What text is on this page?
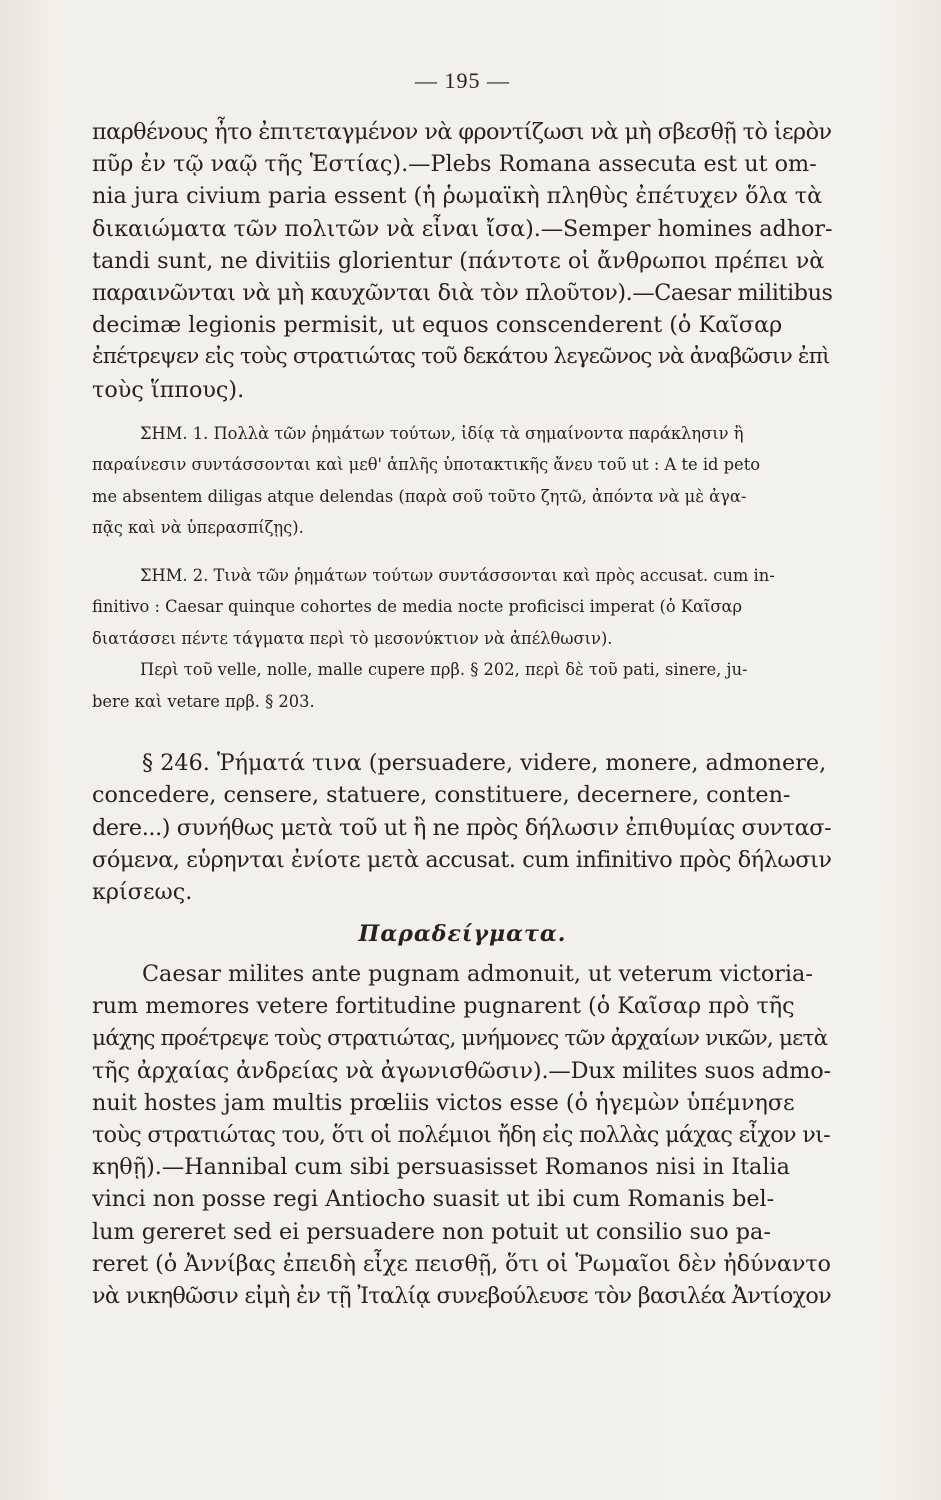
— 195 —
παρθένους ἦτο ἐπιτεταγμένον νὰ φροντίζωσι νὰ μὴ σβεσθῇ τὸ ἱερὸν
πῦρ ἐν τῷ ναῷ τῆς Ἑστίας).—Plebs Romana assecuta est ut om-
nia jura civium paria essent (ἡ ῥωμαϊκὴ πληθὺς ἐπέτυχεν ὅλα τὰ
δικαιώματα τῶν πολιτῶν νὰ εἶναι ἴσα).—Semper homines adhor-
tandi sunt, ne divitiis glorientur (πάντοτε οἱ ἄνθρωποι πρέπει νὰ
παραινῶνται νὰ μὴ καυχῶνται διὰ τὸν πλοῦτον).—Caesar militibus
decimæ legionis permisit, ut equos conscenderent (ὁ Καῖσαρ
ἐπέτρεψεν εἰς τοὺς στρατιώτας τοῦ δεκάτου λεγεῶνος νὰ ἀναβῶσιν ἐπὶ
τοὺς ἵππους).
ΣΗΜ. 1. Πολλὰ τῶν ῥημάτων τούτων, ἰδίᾳ τὰ σημαίνοντα παράκλησιν ἢ
παραίνεσιν συντάσσονται καὶ μεθ' ἁπλῆς ὑποτακτικῆς ἄνευ τοῦ ut : A te id peto
me absentem diligas atque delendas (παρὰ σοῦ τοῦτο ζητῶ, ἀπόντα νὰ μὲ ἀγα-
πᾷς καὶ νὰ ὑπερασπίζῃς).
ΣΗΜ. 2. Τινὰ τῶν ῥημάτων τούτων συντάσσονται καὶ πρὸς accusat. cum in-
finitivo : Caesar quinque cohortes de media nocte proficisci imperat (ὁ Καῖσαρ
διατάσσει πέντε τάγματα περὶ τὸ μεσονύκτιον νὰ ἀπέλθωσιν).
Περὶ τοῦ velle, nolle, malle cupere πρβ. § 202, περὶ δὲ τοῦ pati, sinere, ju-
bere καὶ vetare πρβ. § 203.
§ 246. Ῥήματά τινα (persuadere, videre, monere, admonere,
concedere, censere, statuere, constituere, decernere, conten-
dere...) συνήθως μετὰ τοῦ ut ἢ ne πρὸς δήλωσιν ἐπιθυμίας συντασ-
σόμενα, εὑρηνται ἐνίοτε μετὰ accusat. cum infinitivo πρὸς δήλωσιν
κρίσεως.
Παραδείγματα.
Caesar milites ante pugnam admonuit, ut veterum victoria-
rum memores vetere fortitudine pugnarent (ὁ Καῖσαρ πρὸ τῆς
μάχης προέτρεψε τοὺς στρατιώτας, μνήμονες τῶν ἀρχαίων νικῶν, μετὰ
τῆς ἀρχαίας ἀνδρείας νὰ ἀγωνισθῶσιν).—Dux milites suos admo-
nuit hostes jam multis prœliis victos esse (ὁ ἡγεμὼν ὑπέμνησε
τοὺς στρατιώτας του, ὅτι οἱ πολέμιοι ἤδη εἰς πολλὰς μάχας εἶχον νι-
κηθῇ).—Hannibal cum sibi persuasisset Romanos nisi in Italia
vinci non posse regi Antiocho suasit ut ibi cum Romanis bel-
lum gereret sed ei persuadere non potuit ut consilio suo pa-
reret (ὁ Ἀννίβας ἐπειδὴ εἶχε πεισθῇ, ὅτι οἱ Ῥωμαῖοι δὲν ἠδύναντο
νὰ νικηθῶσιν εἰμὴ ἐν τῇ Ἰταλίᾳ συνεβούλευσε τὸν βασιλέα Ἀντίοχον
